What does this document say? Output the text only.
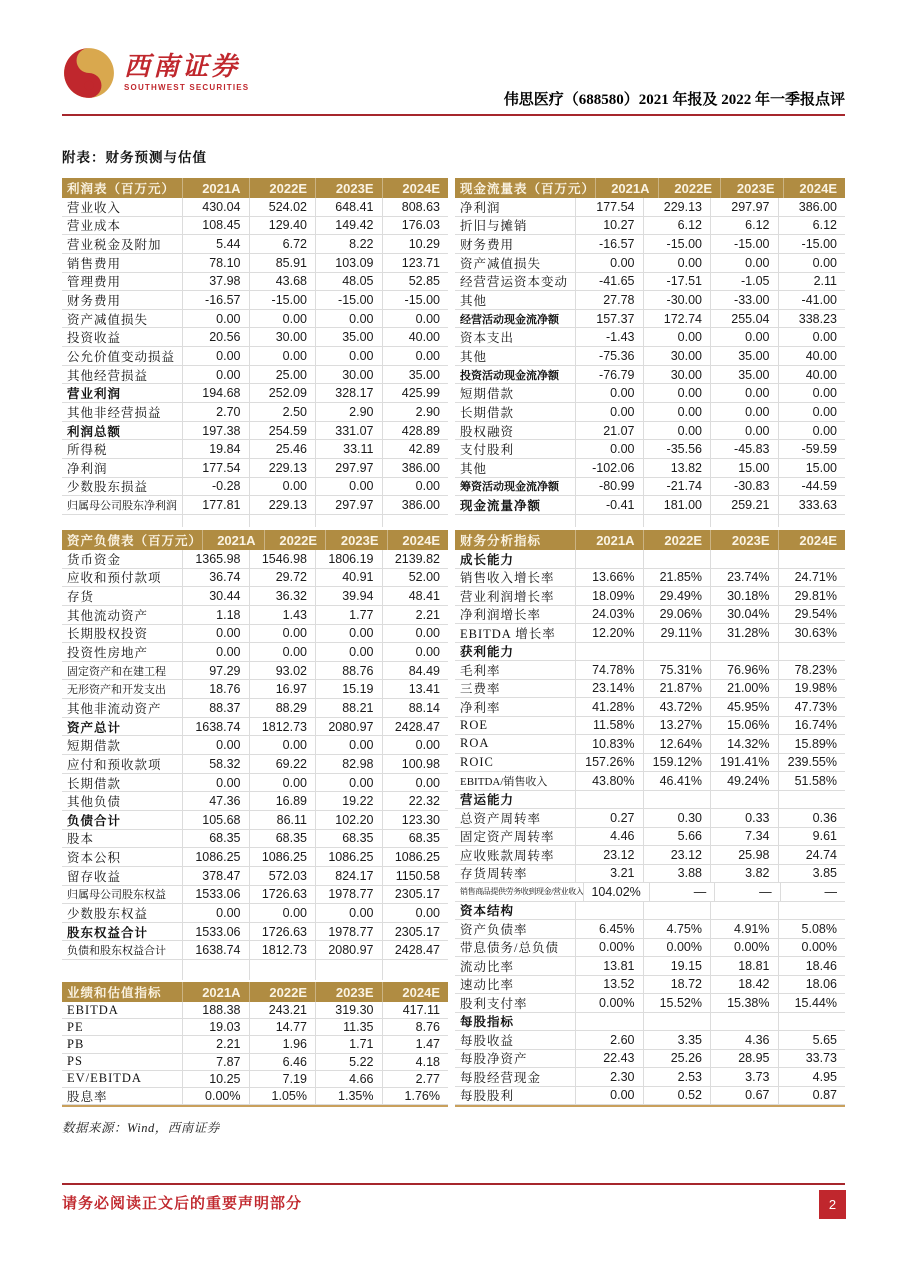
西南证券
SOUTHWEST SECURITIES
伟思医疗（688580）2021 年报及 2022 年一季报点评
附表：财务预测与估值
利润表（百万元）	2021A	2022E	2023E	2024E
营业收入	430.04	524.02	648.41	808.63
营业成本	108.45	129.40	149.42	176.03
营业税金及附加	5.44	6.72	8.22	10.29
销售费用	78.10	85.91	103.09	123.71
管理费用	37.98	43.68	48.05	52.85
财务费用	-16.57	-15.00	-15.00	-15.00
资产减值损失	0.00	0.00	0.00	0.00
投资收益	20.56	30.00	35.00	40.00
公允价值变动损益	0.00	0.00	0.00	0.00
其他经营损益	0.00	25.00	30.00	35.00
营业利润	194.68	252.09	328.17	425.99
其他非经营损益	2.70	2.50	2.90	2.90
利润总额	197.38	254.59	331.07	428.89
所得税	19.84	25.46	33.11	42.89
净利润	177.54	229.13	297.97	386.00
少数股东损益	-0.28	0.00	0.00	0.00
归属母公司股东净利润	177.81	229.13	297.97	386.00
现金流量表（百万元）	2021A	2022E	2023E	2024E
净利润	177.54	229.13	297.97	386.00
折旧与摊销	10.27	6.12	6.12	6.12
财务费用	-16.57	-15.00	-15.00	-15.00
资产减值损失	0.00	0.00	0.00	0.00
经营营运资本变动	-41.65	-17.51	-1.05	2.11
其他	27.78	-30.00	-33.00	-41.00
经营活动现金流净额	157.37	172.74	255.04	338.23
资本支出	-1.43	0.00	0.00	0.00
其他	-75.36	30.00	35.00	40.00
投资活动现金流净额	-76.79	30.00	35.00	40.00
短期借款	0.00	0.00	0.00	0.00
长期借款	0.00	0.00	0.00	0.00
股权融资	21.07	0.00	0.00	0.00
支付股利	0.00	-35.56	-45.83	-59.59
其他	-102.06	13.82	15.00	15.00
筹资活动现金流净额	-80.99	-21.74	-30.83	-44.59
现金流量净额	-0.41	181.00	259.21	333.63
资产负债表（百万元）	2021A	2022E	2023E	2024E
货币资金	1365.98	1546.98	1806.19	2139.82
应收和预付款项	36.74	29.72	40.91	52.00
存货	30.44	36.32	39.94	48.41
其他流动资产	1.18	1.43	1.77	2.21
长期股权投资	0.00	0.00	0.00	0.00
投资性房地产	0.00	0.00	0.00	0.00
固定资产和在建工程	97.29	93.02	88.76	84.49
无形资产和开发支出	18.76	16.97	15.19	13.41
其他非流动资产	88.37	88.29	88.21	88.14
资产总计	1638.74	1812.73	2080.97	2428.47
短期借款	0.00	0.00	0.00	0.00
应付和预收款项	58.32	69.22	82.98	100.98
长期借款	0.00	0.00	0.00	0.00
其他负债	47.36	16.89	19.22	22.32
负债合计	105.68	86.11	102.20	123.30
股本	68.35	68.35	68.35	68.35
资本公积	1086.25	1086.25	1086.25	1086.25
留存收益	378.47	572.03	824.17	1150.58
归属母公司股东权益	1533.06	1726.63	1978.77	2305.17
少数股东权益	0.00	0.00	0.00	0.00
股东权益合计	1533.06	1726.63	1978.77	2305.17
负债和股东权益合计	1638.74	1812.73	2080.97	2428.47
财务分析指标	2021A	2022E	2023E	2024E
成长能力
销售收入增长率	13.66%	21.85%	23.74%	24.71%
营业利润增长率	18.09%	29.49%	30.18%	29.81%
净利润增长率	24.03%	29.06%	30.04%	29.54%
EBITDA 增长率	12.20%	29.11%	31.28%	30.63%
获利能力
毛利率	74.78%	75.31%	76.96%	78.23%
三费率	23.14%	21.87%	21.00%	19.98%
净利率	41.28%	43.72%	45.95%	47.73%
ROE	11.58%	13.27%	15.06%	16.74%
ROA	10.83%	12.64%	14.32%	15.89%
ROIC	157.26%	159.12%	191.41%	239.55%
EBITDA/销售收入	43.80%	46.41%	49.24%	51.58%
营运能力
总资产周转率	0.27	0.30	0.33	0.36
固定资产周转率	4.46	5.66	7.34	9.61
应收账款周转率	23.12	23.12	25.98	24.74
存货周转率	3.21	3.88	3.82	3.85
销售商品提供劳务收到现金/营业收入 104.02%	—	—	—
资本结构
资产负债率	6.45%	4.75%	4.91%	5.08%
带息债务/总负债	0.00%	0.00%	0.00%	0.00%
流动比率	13.81	19.15	18.81	18.46
速动比率	13.52	18.72	18.42	18.06
股利支付率	0.00%	15.52%	15.38%	15.44%
每股指标
每股收益	2.60	3.35	4.36	5.65
每股净资产	22.43	25.26	28.95	33.73
每股经营现金	2.30	2.53	3.73	4.95
每股股利	0.00	0.52	0.67	0.87
业绩和估值指标	2021A	2022E	2023E	2024E
EBITDA	188.38	243.21	319.30	417.11
PE	19.03	14.77	11.35	8.76
PB	2.21	1.96	1.71	1.47
PS	7.87	6.46	5.22	4.18
EV/EBITDA	10.25	7.19	4.66	2.77
股息率	0.00%	1.05%	1.35%	1.76%
数据来源：Wind，西南证券
请务必阅读正文后的重要声明部分	2
